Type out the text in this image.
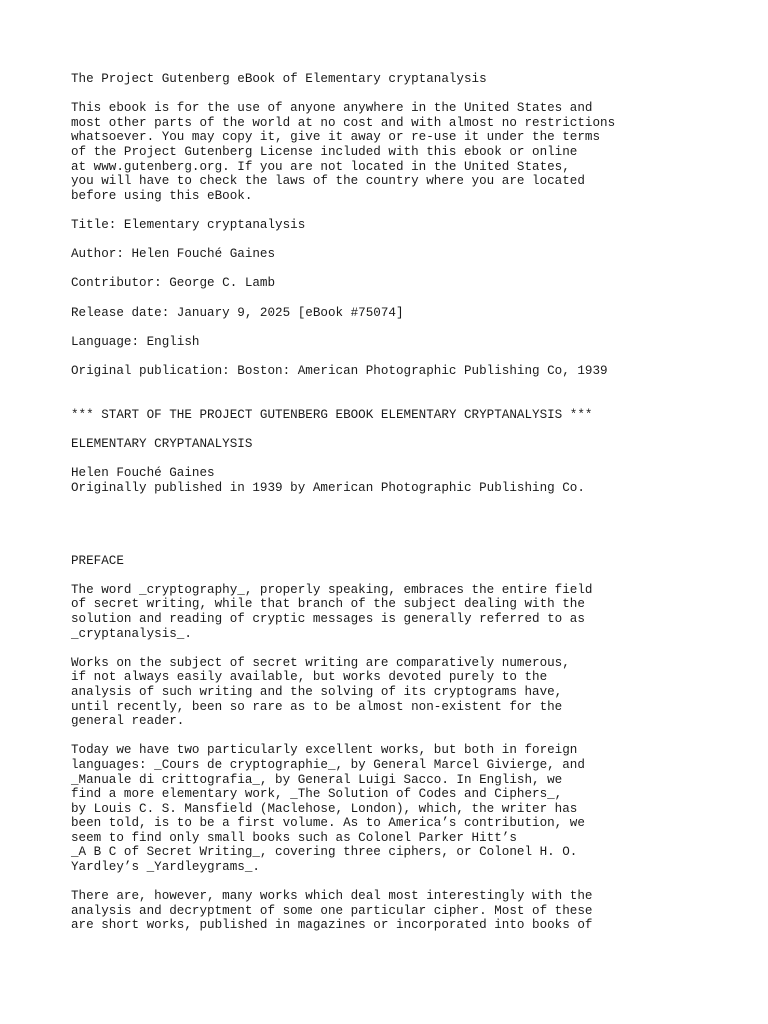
The Project Gutenberg eBook of Elementary cryptanalysis
This ebook is for the use of anyone anywhere in the United States and
most other parts of the world at no cost and with almost no restrictions
whatsoever. You may copy it, give it away or re-use it under the terms
of the Project Gutenberg License included with this ebook or online
at www.gutenberg.org. If you are not located in the United States,
you will have to check the laws of the country where you are located
before using this eBook.
Title: Elementary cryptanalysis
Author: Helen Fouché Gaines
Contributor: George C. Lamb
Release date: January 9, 2025 [eBook #75074]
Language: English
Original publication: Boston: American Photographic Publishing Co, 1939
*** START OF THE PROJECT GUTENBERG EBOOK ELEMENTARY CRYPTANALYSIS ***
ELEMENTARY CRYPTANALYSIS
Helen Fouché Gaines
Originally published in 1939 by American Photographic Publishing Co.
PREFACE
The word _cryptography_, properly speaking, embraces the entire field
of secret writing, while that branch of the subject dealing with the
solution and reading of cryptic messages is generally referred to as
_cryptanalysis_.
Works on the subject of secret writing are comparatively numerous,
if not always easily available, but works devoted purely to the
analysis of such writing and the solving of its cryptograms have,
until recently, been so rare as to be almost non-existent for the
general reader.
Today we have two particularly excellent works, but both in foreign
languages: _Cours de cryptographie_, by General Marcel Givierge, and
_Manuale di crittografia_, by General Luigi Sacco. In English, we
find a more elementary work, _The Solution of Codes and Ciphers_,
by Louis C. S. Mansfield (Maclehose, London), which, the writer has
been told, is to be a first volume. As to America’s contribution, we
seem to find only small books such as Colonel Parker Hitt’s
_A B C of Secret Writing_, covering three ciphers, or Colonel H. O.
Yardley’s _Yardleygrams_.
There are, however, many works which deal most interestingly with the
analysis and decryptment of some one particular cipher. Most of these
are short works, published in magazines or incorporated into books of
